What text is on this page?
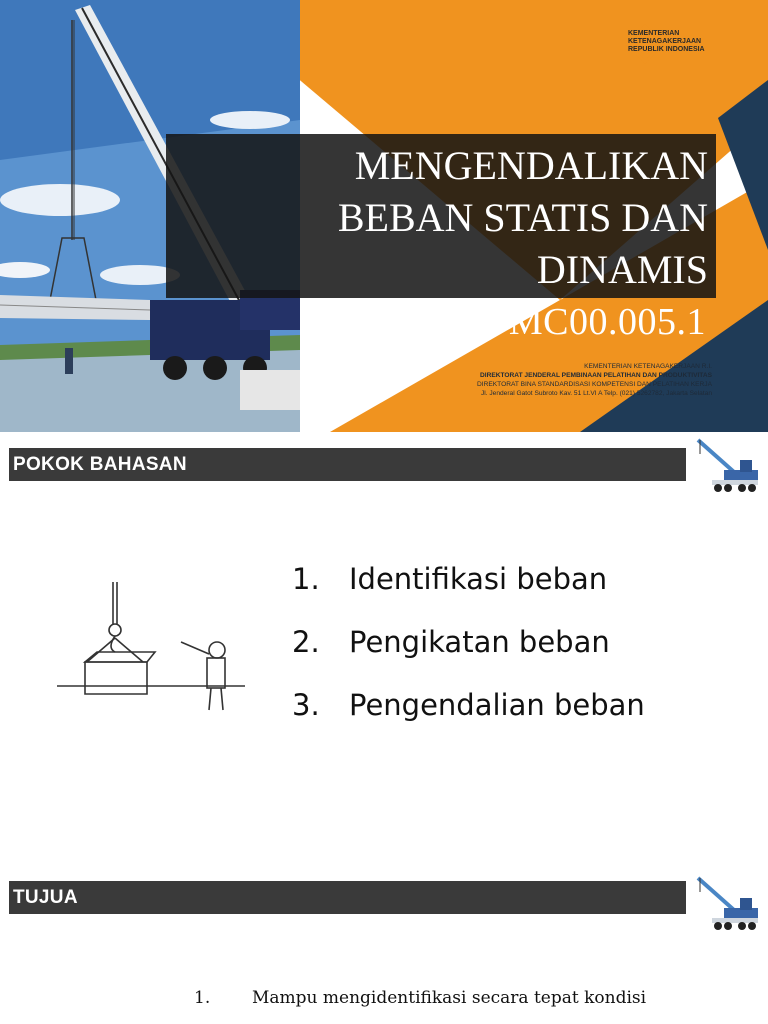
MENGENDALIKAN
BEBAN STATIS DAN
DINAMIS
M.43OMC00.005.1
KEMENTERIAN
KETENAGAKERJAAN
REPUBLIK INDONESIA
KEMENTERIAN KETENAGAKERJAAN R.I.
DIREKTORAT JENDERAL PEMBINAAN PELATIHAN DAN PRODUKTIVITAS
DIREKTORAT BINA STANDARDISASI KOMPETENSI DAN PELATIHAN KERJA
Jl. Jenderal Gatot Subroto Kav. 51 Lt.VI A Telp. (021) 5262782, Jakarta Selatan
POKOK BAHASAN
1. Identifikasi beban
2. Pengikatan beban
3. Pengendalian beban
TUJUA
1. Mampu mengidentifikasi secara tepat kondisi
